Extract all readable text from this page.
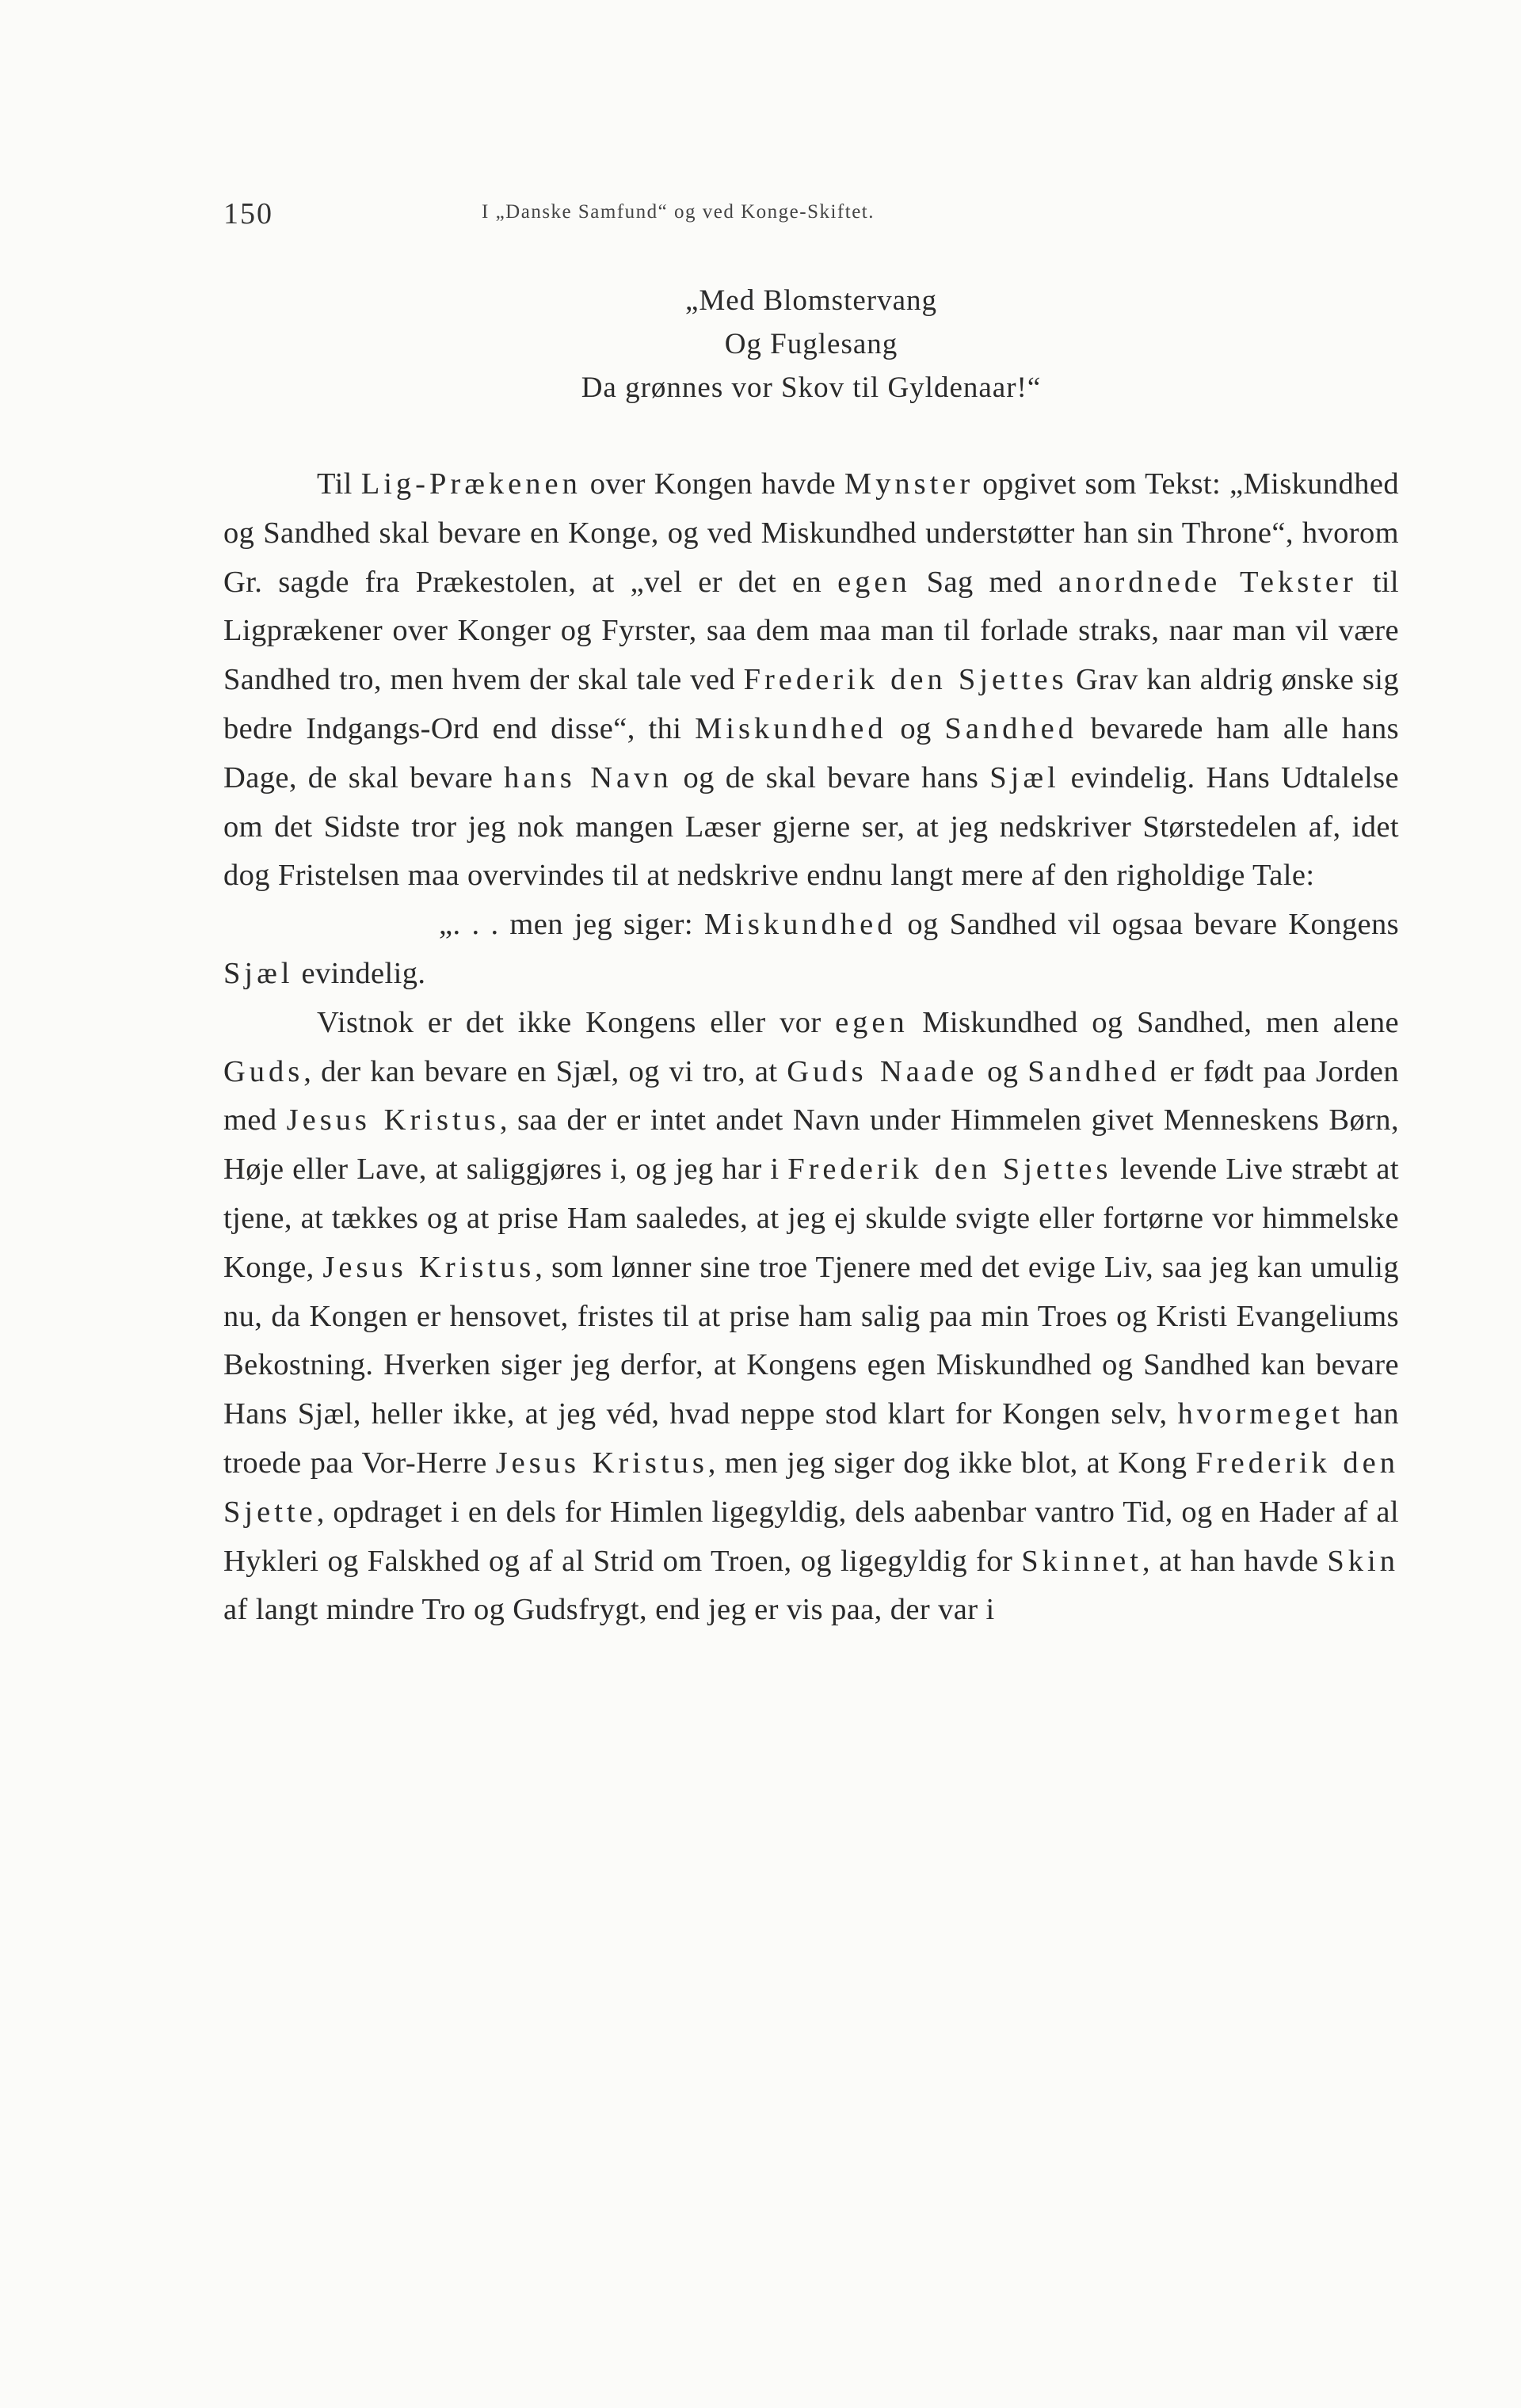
150	I „Danske Samfund“ og ved Konge-Skiftet.
„Med Blomstervang
Og Fuglesang
Da grønnes vor Skov til Gyldenaar!“

Til Lig-Prækenen over Kongen havde Mynster opgivet som Tekst: „Miskundhed og Sandhed skal bevare en Konge, og ved Miskundhed understøtter han sin Throne“, hvorom Gr. sagde fra Prækestolen, at „vel er det en egen Sag med anordnede Tekster til Ligprækener over Konger og Fyrster, saa dem maa man til forlade straks, naar man vil være Sandhed tro, men hvem der skal tale ved Frederik den Sjettes Grav kan aldrig ønske sig bedre Indgangs-Ord end disse“, thi Miskundhed og Sandhed bevarede ham alle hans Dage, de skal bevare hans Navn og de skal bevare hans Sjæl evindelig. Hans Udtalelse om det Sidste tror jeg nok mangen Læser gjerne ser, at jeg nedskriver Størstedelen af, idet dog Fristelsen maa overvindes til at nedskrive endnu langt mere af den righoldige Tale:

„. . . men jeg siger: Miskundhed og Sandhed vil ogsaa bevare Kongens Sjæl evindelig.

Vistnok er det ikke Kongens eller vor egen Miskundhed og Sandhed, men alene Guds, der kan bevare en Sjæl, og vi tro, at Guds Naade og Sandhed er født paa Jorden med Jesus Kristus, saa der er intet andet Navn under Himmelen givet Menneskens Børn, Høje eller Lave, at saliggjøres i, og jeg har i Frederik den Sjettes levende Live stræbt at tjene, at tækkes og at prise Ham saaledes, at jeg ej skulde svigte eller fortørne vor himmelske Konge, Jesus Kristus, som lønner sine troe Tjenere med det evige Liv, saa jeg kan umulig nu, da Kongen er hensovet, fristes til at prise ham salig paa min Troes og Kristi Evangeliums Bekostning. Hverken siger jeg derfor, at Kongens egen Miskundhed og Sandhed kan bevare Hans Sjæl, heller ikke, at jeg véd, hvad neppe stod klart for Kongen selv, hvormeget han troede paa Vor-Herre Jesus Kristus, men jeg siger dog ikke blot, at Kong Frederik den Sjette, opdraget i en dels for Himlen ligegyldig, dels aabenbar vantro Tid, og en Hader af al Hykleri og Falskhed og af al Strid om Troen, og ligegyldig for Skinnet, at han havde Skin af langt mindre Tro og Gudsfrygt, end jeg er vis paa, der var i
